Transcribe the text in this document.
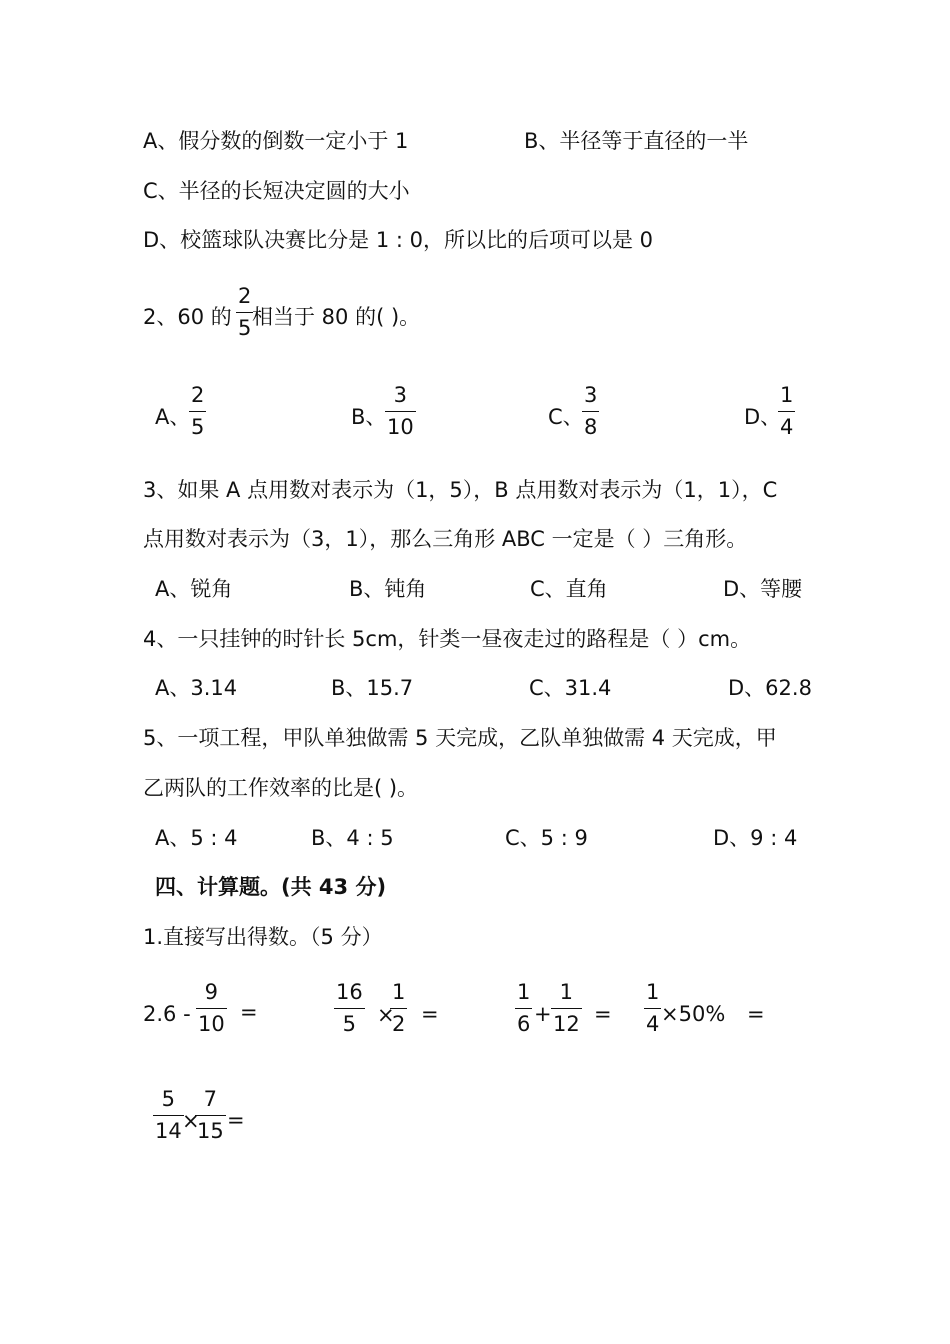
A、假分数的倒数一定小于 1	B、半径等于直径的一半
C、半径的长短决定圆的大小
D、校篮球队决赛比分是 1 : 0，所以比的后项可以是 0
2、60 的
2
5 相当于 80 的( )。
A、
2
5	B、
3
10	C、
3
8	D、
1
4
3、如果 A 点用数对表示为（1，5），B 点用数对表示为（1，1），C
点用数对表示为（3，1），那么三角形 ABC 一定是（ ）三角形。
A、锐角	B、钝角	C、直角	D、等腰
4、一只挂钟的时针长 5cm，针类一昼夜走过的路程是（ ）cm。
A、3.14	B、15.7	C、31.4	D、62.8
5、一项工程，甲队单独做需 5 天完成，乙队单独做需 4 天完成，甲
乙两队的工作效率的比是( )。
A、5 : 4	B、4 : 5	C、5 : 9	D、9 : 4
四、计算题。(共 43 分)
1.直接写出得数。（5 分）
2.6 -
9
10 =
16
5 ×
1
2 =
1
6 +
1
12 =
1
4 ×50% =
5
14 ×
7
15 =
